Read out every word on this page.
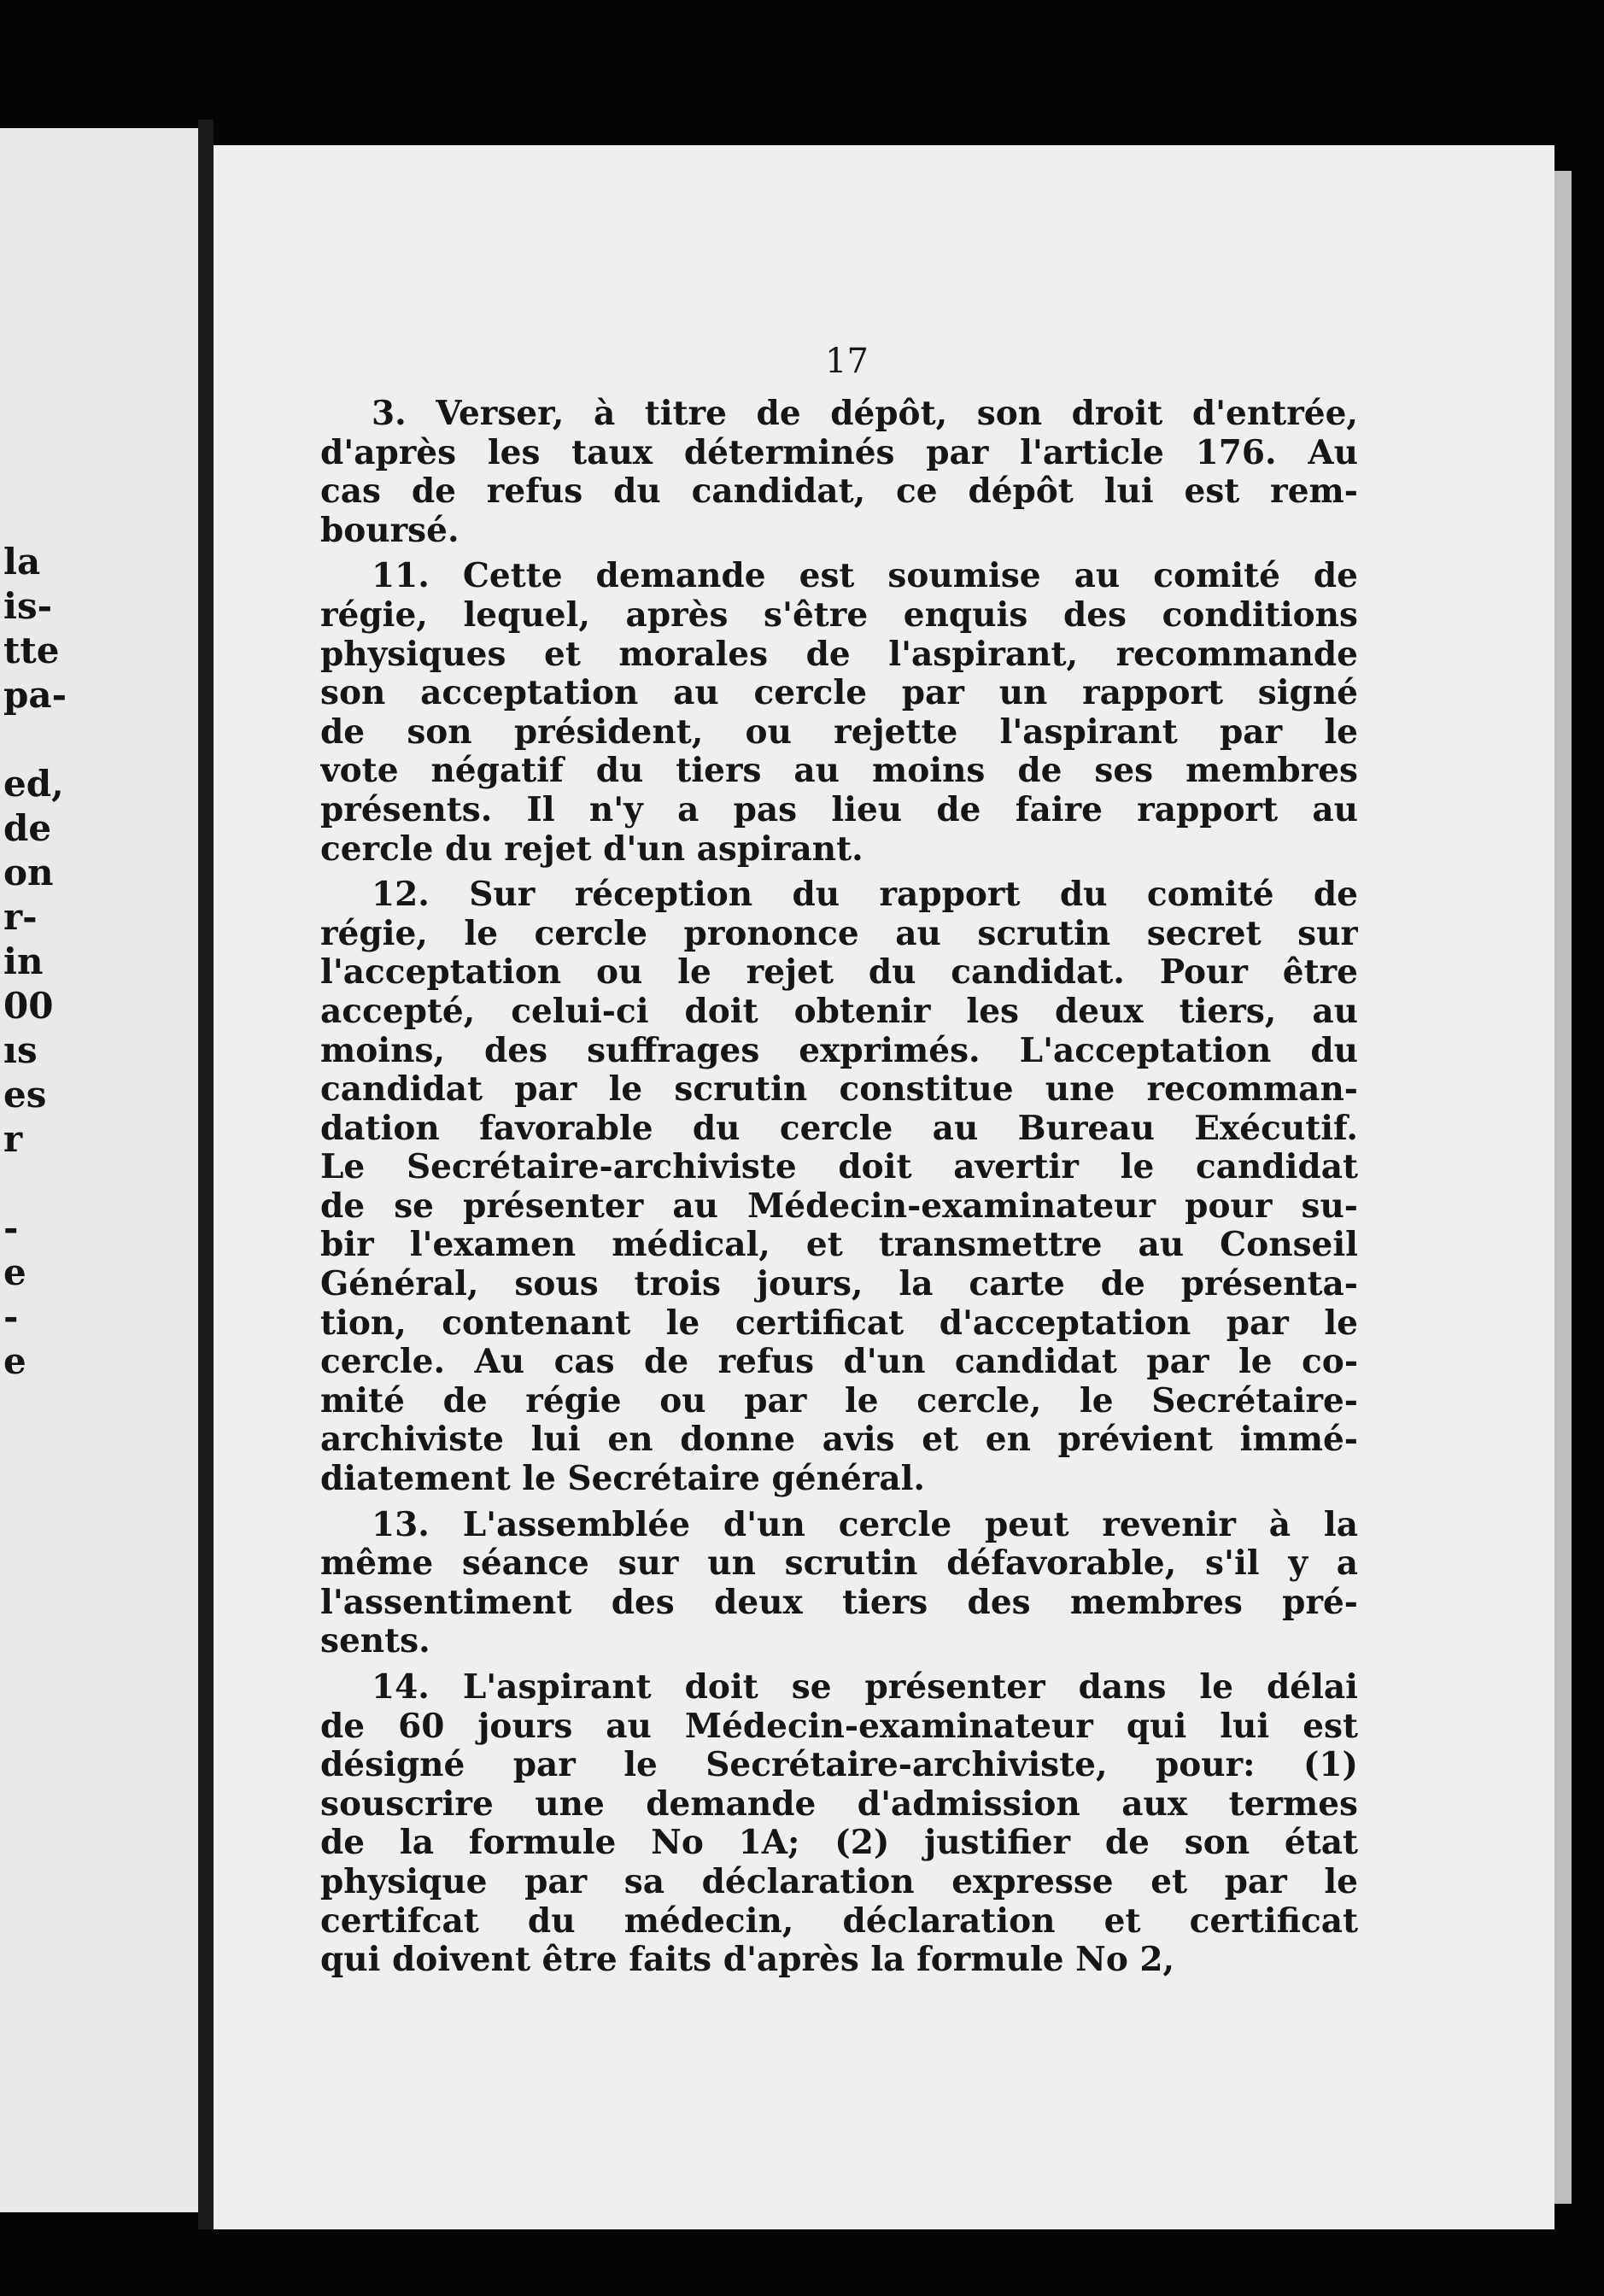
la
is-
tte
pa-
ed,
de
on
r-
in
00
ıs
es
r
-
e
-
e
17
3. Verser, à titre de dépôt, son droit d'entrée,
d'après les taux déterminés par l'article 176. Au
cas de refus du candidat, ce dépôt lui est rem-
boursé.
11. Cette demande est soumise au comité de
régie, lequel, après s'être enquis des conditions
physiques et morales de l'aspirant, recommande
son acceptation au cercle par un rapport signé
de son président, ou rejette l'aspirant par le
vote négatif du tiers au moins de ses membres
présents. Il n'y a pas lieu de faire rapport au
cercle du rejet d'un aspirant.
12. Sur réception du rapport du comité de
régie, le cercle prononce au scrutin secret sur
l'acceptation ou le rejet du candidat. Pour être
accepté, celui-ci doit obtenir les deux tiers, au
moins, des suffrages exprimés. L'acceptation du
candidat par le scrutin constitue une recomman-
dation favorable du cercle au Bureau Exécutif.
Le Secrétaire-archiviste doit avertir le candidat
de se présenter au Médecin-examinateur pour su-
bir l'examen médical, et transmettre au Conseil
Général, sous trois jours, la carte de présenta-
tion, contenant le certificat d'acceptation par le
cercle. Au cas de refus d'un candidat par le co-
mité de régie ou par le cercle, le Secrétaire-
archiviste lui en donne avis et en prévient immé-
diatement le Secrétaire général.
13. L'assemblée d'un cercle peut revenir à la
même séance sur un scrutin défavorable, s'il y a
l'assentiment des deux tiers des membres pré-
sents.
14. L'aspirant doit se présenter dans le délai
de 60 jours au Médecin-examinateur qui lui est
désigné par le Secrétaire-archiviste, pour: (1)
souscrire une demande d'admission aux termes
de la formule No 1A; (2) justifier de son état
physique par sa déclaration expresse et par le
certifcat du médecin, déclaration et certificat
qui doivent être faits d'après la formule No 2,
